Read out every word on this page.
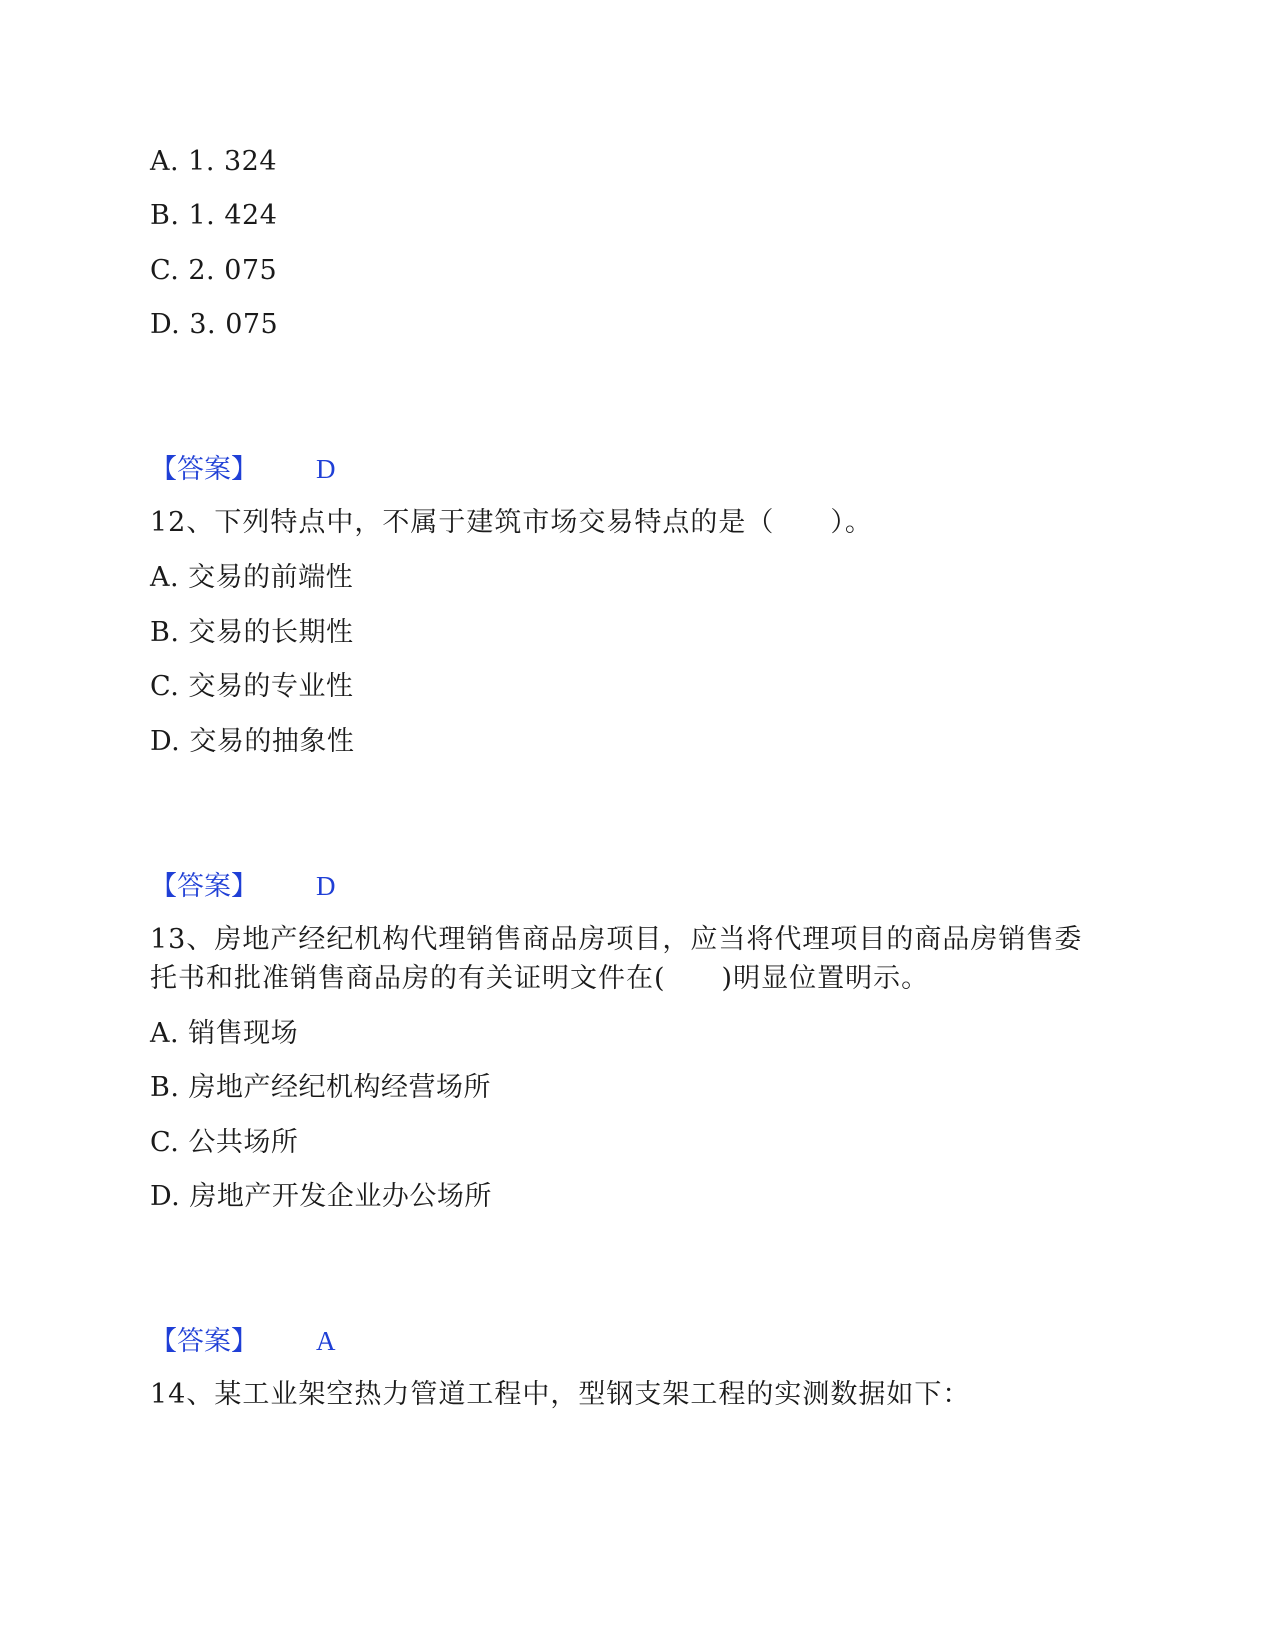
A. 1. 324
B. 1. 424
C. 2. 075
D. 3. 075
【答案】 D
12、下列特点中，不属于建筑市场交易特点的是（　　）。
A. 交易的前端性
B. 交易的长期性
C. 交易的专业性
D. 交易的抽象性
【答案】 D
13、房地产经纪机构代理销售商品房项目，应当将代理项目的商品房销售委
托书和批准销售商品房的有关证明文件在(　　)明显位置明示。
A. 销售现场
B. 房地产经纪机构经营场所
C. 公共场所
D. 房地产开发企业办公场所
【答案】 A
14、某工业架空热力管道工程中，型钢支架工程的实测数据如下：
